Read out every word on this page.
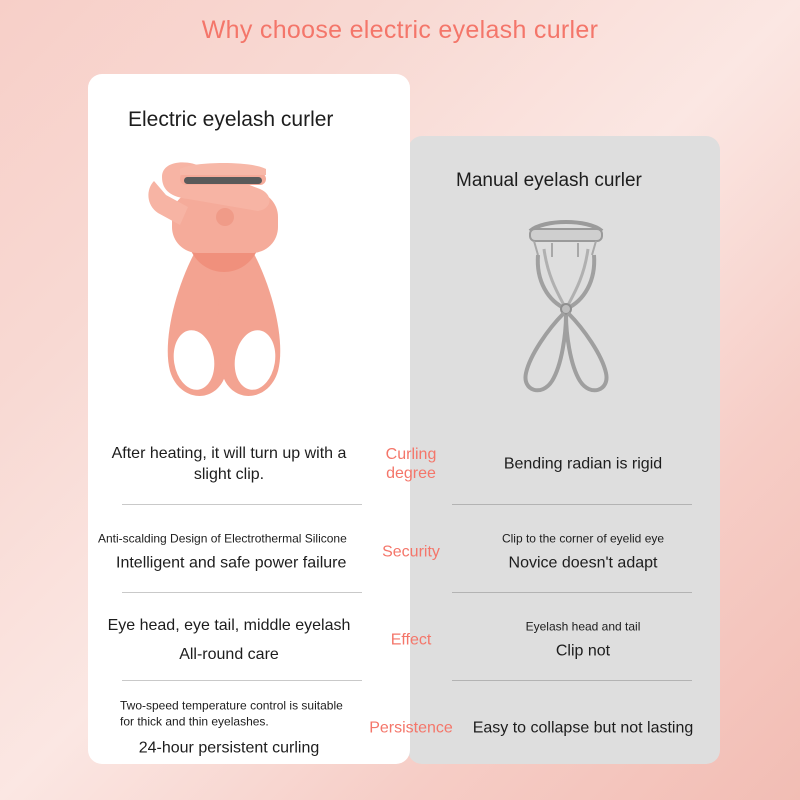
Why choose electric eyelash curler
Manual eyelash curler
Electric eyelash curler
After heating, it will turn up with a slight clip.
Curling degree
Bending radian is rigid
Anti-scalding Design of Electrothermal Silicone
Intelligent and safe power failure
Security
Clip to the corner of eyelid eye
Novice doesn't adapt
Eye head, eye tail, middle eyelash
All-round care
Effect
Eyelash head and tail
Clip not
Two-speed temperature control is suitable for thick and thin eyelashes.
24-hour persistent curling
Persistence	Easy to collapse but not lasting
